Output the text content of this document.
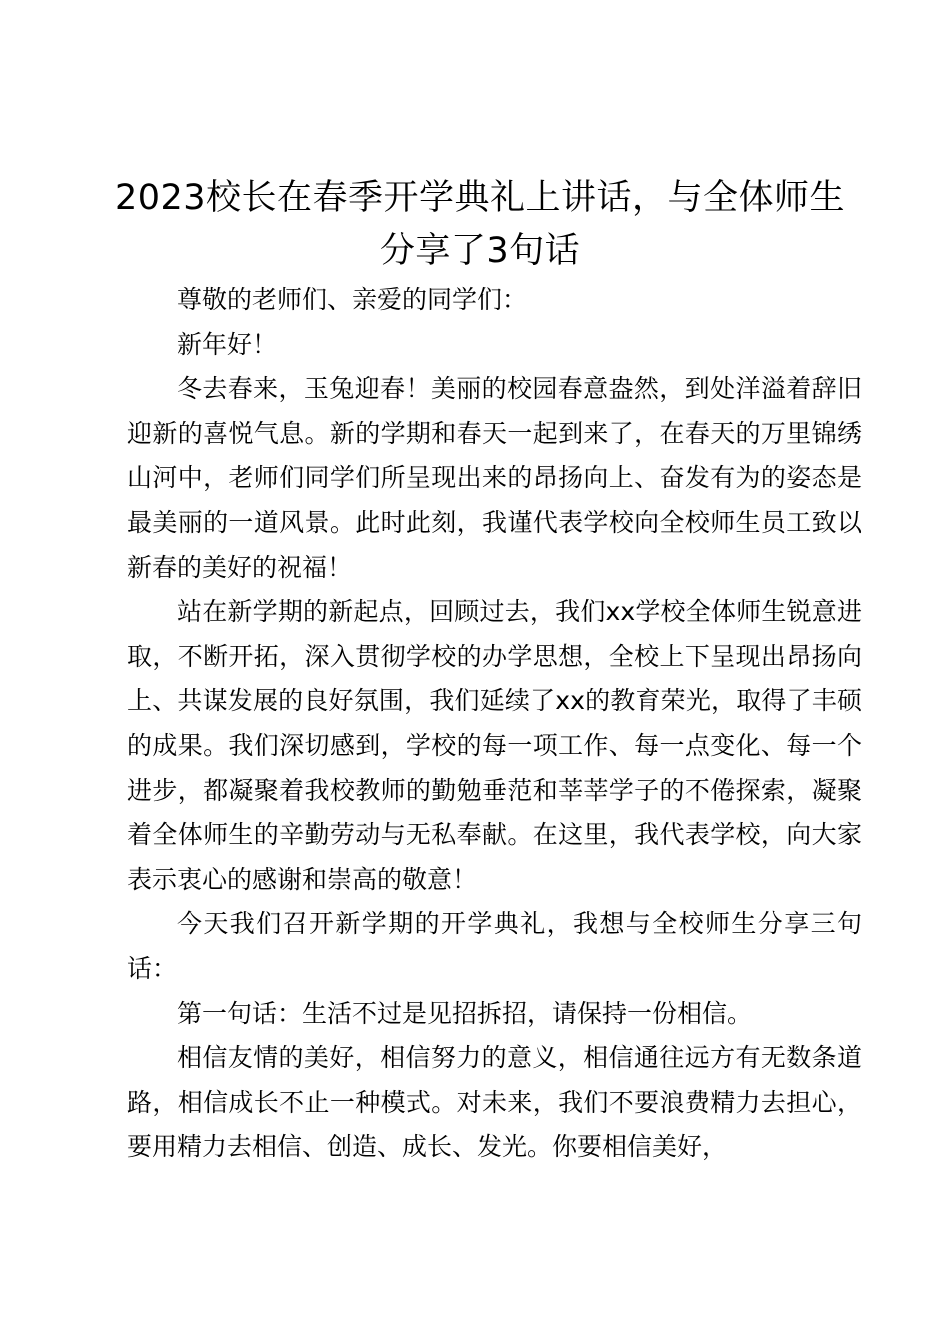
2023校长在春季开学典礼上讲话，与全体师生分享了3句话

尊敬的老师们、亲爱的同学们：

新年好！

冬去春来，玉兔迎春！美丽的校园春意盎然，到处洋溢着辞旧迎新的喜悦气息。新的学期和春天一起到来了，在春天的万里锦绣山河中，老师们同学们所呈现出来的昂扬向上、奋发有为的姿态是最美丽的一道风景。此时此刻，我谨代表学校向全校师生员工致以新春的美好的祝福！

站在新学期的新起点，回顾过去，我们xx学校全体师生锐意进取，不断开拓，深入贯彻学校的办学思想，全校上下呈现出昂扬向上、共谋发展的良好氛围，我们延续了xx的教育荣光，取得了丰硕的成果。我们深切感到，学校的每一项工作、每一点变化、每一个进步，都凝聚着我校教师的勤勉垂范和莘莘学子的不倦探索，凝聚着全体师生的辛勤劳动与无私奉献。在这里，我代表学校，向大家表示衷心的感谢和崇高的敬意！

今天我们召开新学期的开学典礼，我想与全校师生分享三句话：

第一句话：生活不过是见招拆招，请保持一份相信。

相信友情的美好，相信努力的意义，相信通往远方有无数条道路，相信成长不止一种模式。对未来，我们不要浪费精力去担心，要用精力去相信、创造、成长、发光。你要相信美好，
